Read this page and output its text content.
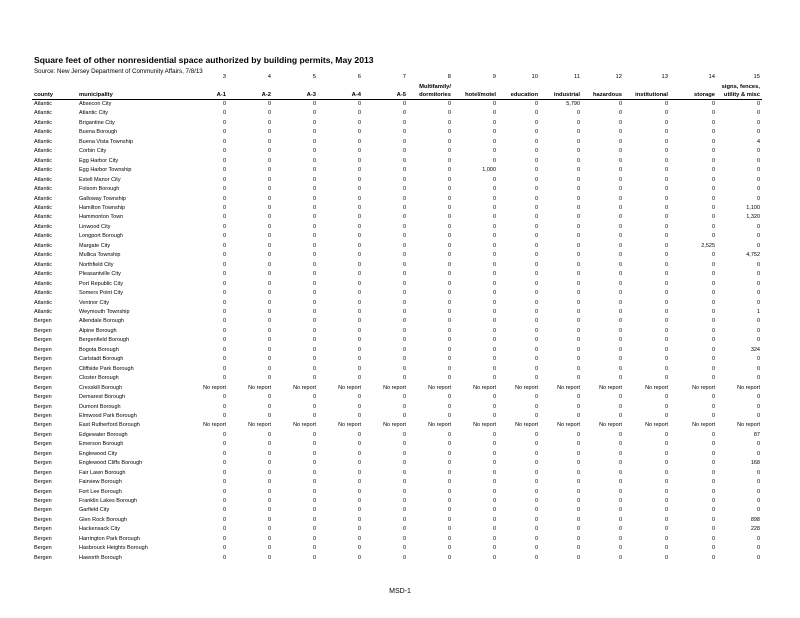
Square feet of other nonresidential space authorized by building permits, May 2013
Source: New Jersey Department of Community Affairs, 7/8/13
		3	4	5	6	7	8	9	10	11	12	13	14	15
							Multifamily/							signs, fences,
county	municipality	A-1	A-2	A-3	A-4	A-5	dormitories	hotel/motel	education	industrial	hazardous	institutional	storage	utility & misc
Atlantic	Absecon City	0	0	0	0	0	0	0	0	5,790	0	0	0	0
Atlantic	Atlantic City	0	0	0	0	0	0	0	0	0	0	0	0	0
Atlantic	Brigantine City	0	0	0	0	0	0	0	0	0	0	0	0	0
Atlantic	Buena Borough	0	0	0	0	0	0	0	0	0	0	0	0	0
Atlantic	Buena Vista Township	0	0	0	0	0	0	0	0	0	0	0	0	4
Atlantic	Corbin City	0	0	0	0	0	0	0	0	0	0	0	0	0
Atlantic	Egg Harbor City	0	0	0	0	0	0	0	0	0	0	0	0	0
Atlantic	Egg Harbor Township	0	0	0	0	0	0	1,000	0	0	0	0	0	0
Atlantic	Estell Manor City	0	0	0	0	0	0	0	0	0	0	0	0	0
Atlantic	Folsom Borough	0	0	0	0	0	0	0	0	0	0	0	0	0
Atlantic	Galloway Township	0	0	0	0	0	0	0	0	0	0	0	0	0
Atlantic	Hamilton Township	0	0	0	0	0	0	0	0	0	0	0	0	1,100
Atlantic	Hammonton Town	0	0	0	0	0	0	0	0	0	0	0	0	1,320
Atlantic	Linwood City	0	0	0	0	0	0	0	0	0	0	0	0	0
Atlantic	Longport Borough	0	0	0	0	0	0	0	0	0	0	0	0	0
Atlantic	Margate City	0	0	0	0	0	0	0	0	0	0	0	2,525	0
Atlantic	Mullica Township	0	0	0	0	0	0	0	0	0	0	0	0	4,752
Atlantic	Northfield City	0	0	0	0	0	0	0	0	0	0	0	0	0
Atlantic	Pleasantville City	0	0	0	0	0	0	0	0	0	0	0	0	0
Atlantic	Port Republic City	0	0	0	0	0	0	0	0	0	0	0	0	0
Atlantic	Somers Point City	0	0	0	0	0	0	0	0	0	0	0	0	0
Atlantic	Ventnor City	0	0	0	0	0	0	0	0	0	0	0	0	0
Atlantic	Weymouth Township	0	0	0	0	0	0	0	0	0	0	0	0	1
Bergen	Allendale Borough	0	0	0	0	0	0	0	0	0	0	0	0	0
Bergen	Alpine Borough	0	0	0	0	0	0	0	0	0	0	0	0	0
Bergen	Bergenfield Borough	0	0	0	0	0	0	0	0	0	0	0	0	0
Bergen	Bogota Borough	0	0	0	0	0	0	0	0	0	0	0	0	324
Bergen	Carlstadt Borough	0	0	0	0	0	0	0	0	0	0	0	0	0
Bergen	Cliffside Park Borough	0	0	0	0	0	0	0	0	0	0	0	0	0
Bergen	Closter Borough	0	0	0	0	0	0	0	0	0	0	0	0	0
Bergen	Cresskill Borough	No report	No report	No report	No report	No report	No report	No report	No report	No report	No report	No report	No report	No report
Bergen	Demarest Borough	0	0	0	0	0	0	0	0	0	0	0	0	0
Bergen	Dumont Borough	0	0	0	0	0	0	0	0	0	0	0	0	0
Bergen	Elmwood Park Borough	0	0	0	0	0	0	0	0	0	0	0	0	0
Bergen	East Rutherford Borough	No report	No report	No report	No report	No report	No report	No report	No report	No report	No report	No report	No report	No report
Bergen	Edgewater Borough	0	0	0	0	0	0	0	0	0	0	0	0	87
Bergen	Emerson Borough	0	0	0	0	0	0	0	0	0	0	0	0	0
Bergen	Englewood City	0	0	0	0	0	0	0	0	0	0	0	0	0
Bergen	Englewood Cliffs Borough	0	0	0	0	0	0	0	0	0	0	0	0	168
Bergen	Fair Lawn Borough	0	0	0	0	0	0	0	0	0	0	0	0	0
Bergen	Fairview Borough	0	0	0	0	0	0	0	0	0	0	0	0	0
Bergen	Fort Lee Borough	0	0	0	0	0	0	0	0	0	0	0	0	0
Bergen	Franklin Lakes Borough	0	0	0	0	0	0	0	0	0	0	0	0	0
Bergen	Garfield City	0	0	0	0	0	0	0	0	0	0	0	0	0
Bergen	Glen Rock Borough	0	0	0	0	0	0	0	0	0	0	0	0	898
Bergen	Hackensack City	0	0	0	0	0	0	0	0	0	0	0	0	228
Bergen	Harrington Park Borough	0	0	0	0	0	0	0	0	0	0	0	0	0
Bergen	Hasbrouck Heights Borough	0	0	0	0	0	0	0	0	0	0	0	0	0
Bergen	Haworth Borough	0	0	0	0	0	0	0	0	0	0	0	0	0
MSD-1
